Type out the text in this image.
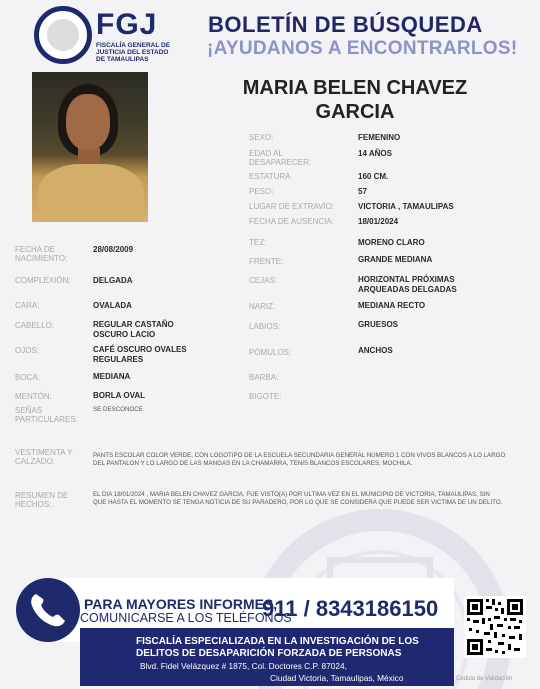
FGJ
FISCALÍA GENERAL DE JUSTICIA DEL ESTADO DE TAMAULIPAS
BOLETÍN DE BÚSQUEDA
¡AYUDANOS A ENCONTRARLOS!
MARIA BELEN CHAVEZ
GARCIA
SEXO:	FEMENINO
EDAD AL DESAPARECER:
14 AÑOS
ESTATURA	160 CM.
PESO:	57
LUGAR DE EXTRAVÍO:	VICTORIA , TAMAULIPAS
FECHA DE AUSENCIA:	18/01/2024
TEZ:	MORENO CLARO
FRENTE:	GRANDE MEDIANA
CEJAS:	HORIZONTAL PRÓXIMAS ARQUEADAS DELGADAS
NARIZ:	MEDIANA RECTO
LABIOS:	GRUESOS
PÓMULOS:	ANCHOS
BARBA:
BIGOTE:
FECHA DE NACIMIENTO:
28/08/2009
COMPLEXIÓN:	DELGADA
CARA:	OVALADA
CABELLO:	REGULAR CASTAÑO OSCURO LACIO
OJOS:	CAFÉ OSCURO OVALES REGULARES
BOCA:	MEDIANA
MENTÓN:	BORLA OVAL
SEÑAS PARTICULARES:
SE DESCONOCE
VESTIMENTA Y CALZADO:
PANTS ESCOLAR COLOR VERDE, CON LOGOTIPO DE LA ESCUELA SECUNDARIA GENERAL NUMERO 1 CON VIVOS BLANCOS A LO LARGO DEL PANTALON Y LO LARGO DE LAS MANGAS EN LA CHAMARRA, TENIS BLANCOS ESCOLARES, MOCHILA.
RESUMEN DE HECHOS:
EL DIA 18/01/2024 , MARIA BELEN CHAVEZ GARCIA, FUE VISTO(A) POR ULTIMA VEZ EN EL MUNICIPIO DE VICTORIA, TAMAULIPAS, SIN QUE HASTA EL MOMENTO SE TENGA NOTICIA DE SU PARADERO, POR LO QUE SE CONSIDERA QUE PUEDE SER VICTIMA DE UN DELITO.
PARA MAYORES INFORMES,
COMUNICARSE A LOS TELÉFONOS
911 / 8343186150
FISCALÍA ESPECIALIZADA EN LA INVESTIGACIÓN DE LOS
DELITOS DE DESAPARICIÓN FORZADA DE PERSONAS
Blvd. Fidel Velázquez # 1875, Col. Doctores C.P. 87024,
Ciudad Victoria, Tamaulipas, México	Cédula de Validación
